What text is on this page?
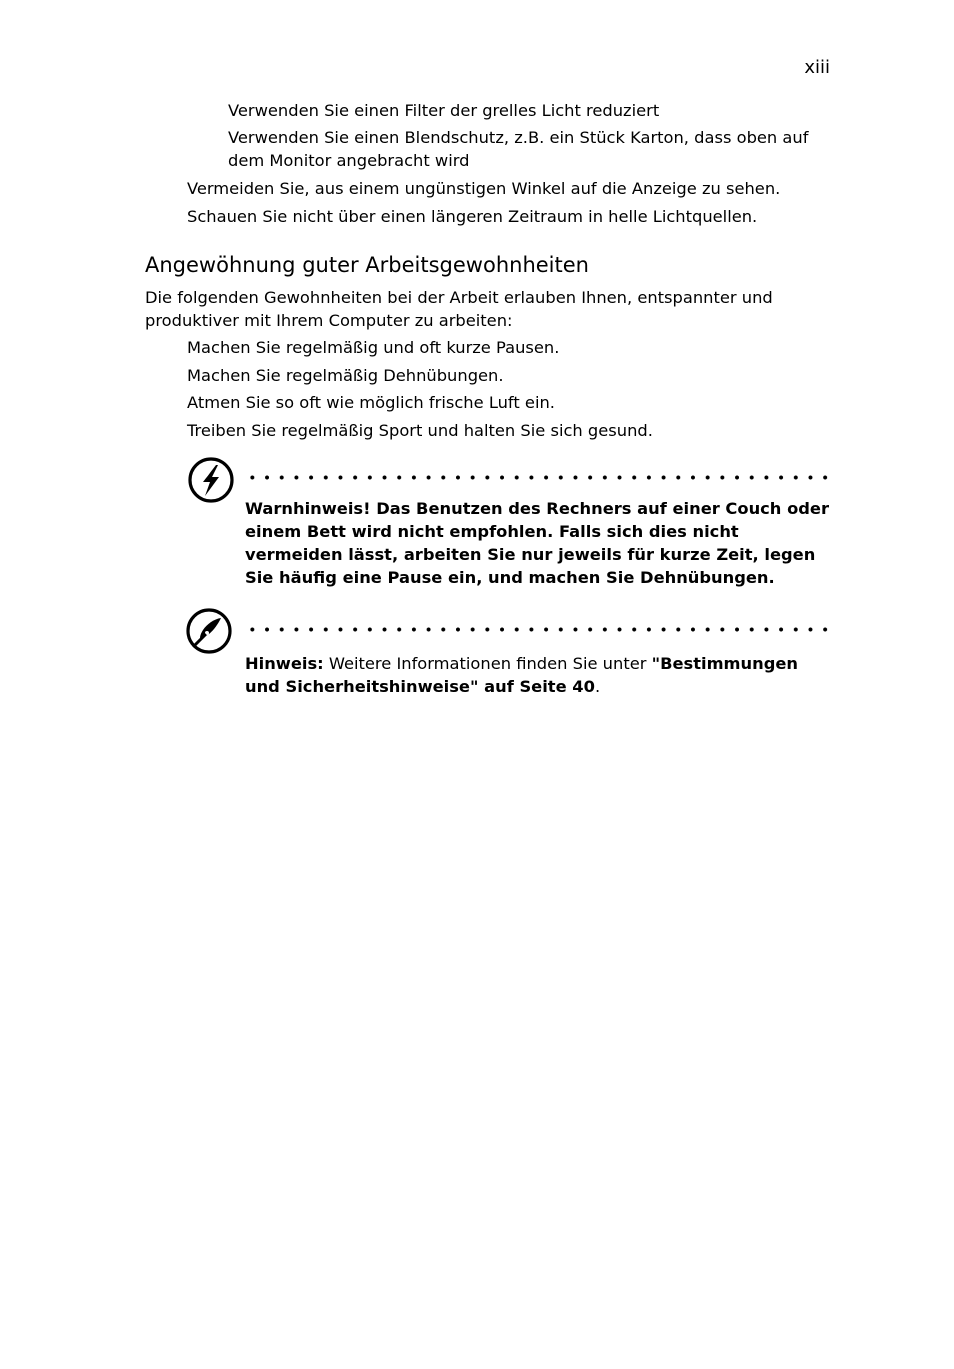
xiii
Verwenden Sie einen Filter der grelles Licht reduziert
Verwenden Sie einen Blendschutz, z.B. ein Stück Karton, dass oben auf dem Monitor angebracht wird
Vermeiden Sie, aus einem ungünstigen Winkel auf die Anzeige zu sehen.
Schauen Sie nicht über einen längeren Zeitraum in helle Lichtquellen.
Angewöhnung guter Arbeitsgewohnheiten
Die folgenden Gewohnheiten bei der Arbeit erlauben Ihnen, entspannter und produktiver mit Ihrem Computer zu arbeiten:
Machen Sie regelmäßig und oft kurze Pausen.
Machen Sie regelmäßig Dehnübungen.
Atmen Sie so oft wie möglich frische Luft ein.
Treiben Sie regelmäßig Sport und halten Sie sich gesund.
Warnhinweis! Das Benutzen des Rechners auf einer Couch oder einem Bett wird nicht empfohlen. Falls sich dies nicht vermeiden lässt, arbeiten Sie nur jeweils für kurze Zeit, legen Sie häufig eine Pause ein, und machen Sie Dehnübungen.
Hinweis: Weitere Informationen finden Sie unter "Bestimmungen und Sicherheitshinweise" auf Seite 40.
